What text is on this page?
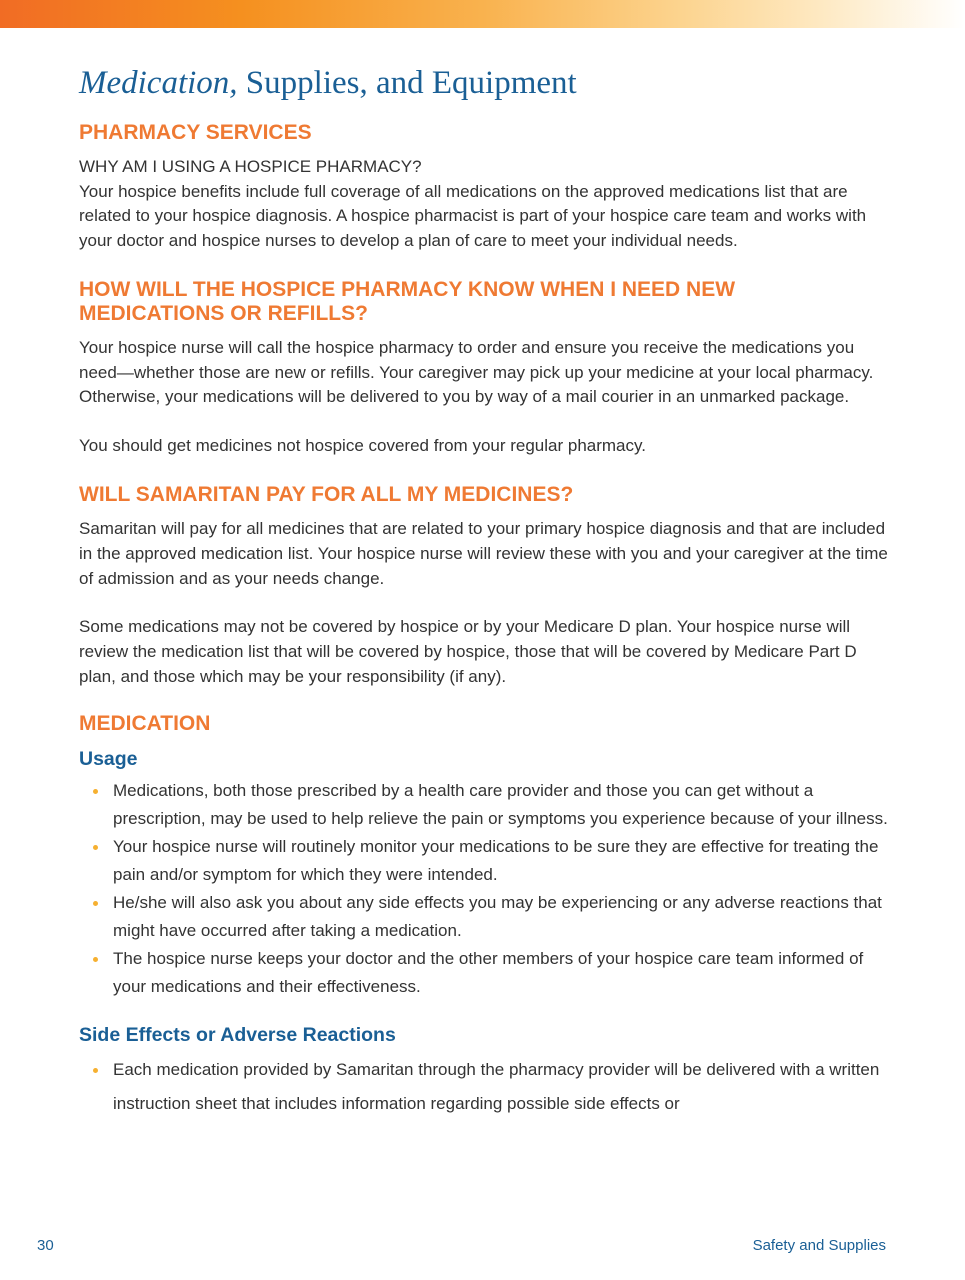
Medication, Supplies, and Equipment
PHARMACY SERVICES

WHY AM I USING A HOSPICE PHARMACY?

Your hospice benefits include full coverage of all medications on the approved medications list that are related to your hospice diagnosis. A hospice pharmacist is part of your hospice care team and works with your doctor and hospice nurses to develop a plan of care to meet your individual needs.

HOW WILL THE HOSPICE PHARMACY KNOW WHEN I NEED NEW
MEDICATIONS OR REFILLS?

Your hospice nurse will call the hospice pharmacy to order and ensure you receive the medications you need—whether those are new or refills. Your caregiver may pick up your medicine at your local pharmacy. Otherwise, your medications will be delivered to you by way of a mail courier in an unmarked package.

You should get medicines not hospice covered from your regular pharmacy.

WILL SAMARITAN PAY FOR ALL MY MEDICINES?

Samaritan will pay for all medicines that are related to your primary hospice diagnosis and that are included in the approved medication list. Your hospice nurse will review these with you and your caregiver at the time of admission and as your needs change.

Some medications may not be covered by hospice or by your Medicare D plan. Your hospice nurse will review the medication list that will be covered by hospice, those that will be covered by Medicare Part D plan, and those which may be your responsibility (if any).

MEDICATION
Usage
Medications, both those prescribed by a health care provider and those you can get without a prescription, may be used to help relieve the pain or symptoms you experience because of your illness.
Your hospice nurse will routinely monitor your medications to be sure they are effective for treating the pain and/or symptom for which they were intended.
He/she will also ask you about any side effects you may be experiencing or any adverse reactions that might have occurred after taking a medication.
The hospice nurse keeps your doctor and the other members of your hospice care team informed of your medications and their effectiveness.
Side Effects or Adverse Reactions
Each medication provided by Samaritan through the pharmacy provider will be delivered with a written instruction sheet that includes information regarding possible side effects or
30	Safety and Supplies
